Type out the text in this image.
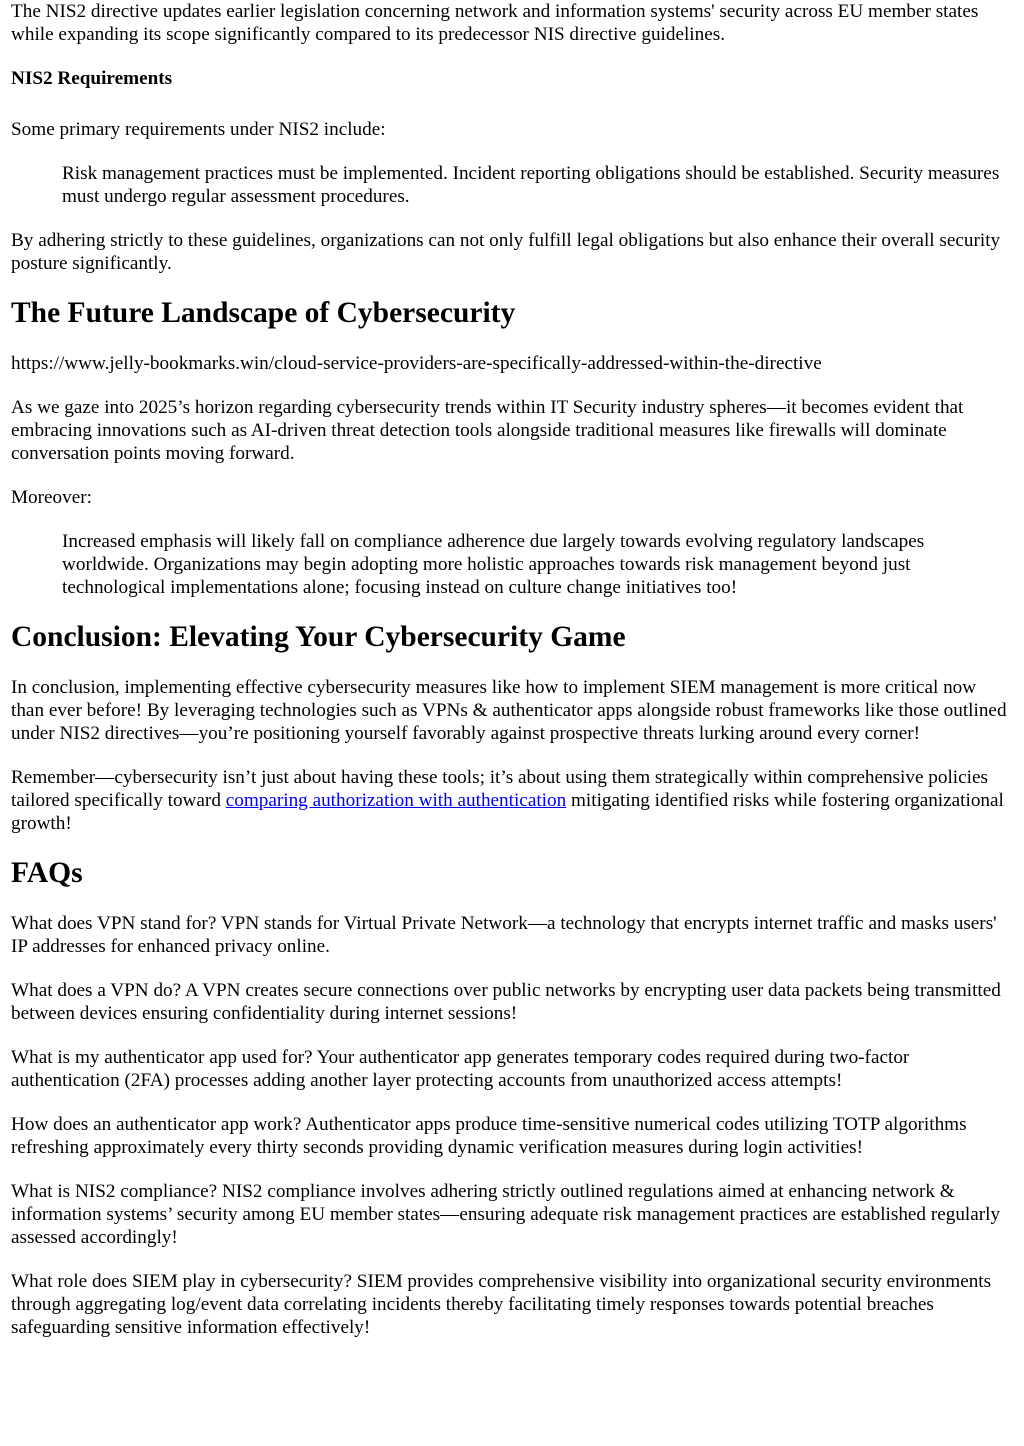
The NIS2 directive updates earlier legislation concerning network and information systems' security across EU member states while expanding its scope significantly compared to its predecessor NIS directive guidelines.

NIS2 Requirements

Some primary requirements under NIS2 include:

Risk management practices must be implemented. Incident reporting obligations should be established. Security measures must undergo regular assessment procedures.

By adhering strictly to these guidelines, organizations can not only fulfill legal obligations but also enhance their overall security posture significantly.

The Future Landscape of Cybersecurity

https://www.jelly-bookmarks.win/cloud-service-providers-are-specifically-addressed-within-the-directive

As we gaze into 2025’s horizon regarding cybersecurity trends within IT Security industry spheres—it becomes evident that embracing innovations such as AI-driven threat detection tools alongside traditional measures like firewalls will dominate conversation points moving forward.

Moreover:

Increased emphasis will likely fall on compliance adherence due largely towards evolving regulatory landscapes worldwide. Organizations may begin adopting more holistic approaches towards risk management beyond just technological implementations alone; focusing instead on culture change initiatives too!
Conclusion: Elevating Your Cybersecurity Game

In conclusion, implementing effective cybersecurity measures like how to implement SIEM management is more critical now than ever before! By leveraging technologies such as VPNs & authenticator apps alongside robust frameworks like those outlined under NIS2 directives—you’re positioning yourself favorably against prospective threats lurking around every corner!

Remember—cybersecurity isn’t just about having these tools; it’s about using them strategically within comprehensive policies tailored specifically toward comparing authorization with authentication mitigating identified risks while fostering organizational growth!

FAQs

What does VPN stand for? VPN stands for Virtual Private Network—a technology that encrypts internet traffic and masks users' IP addresses for enhanced privacy online.

What does a VPN do? A VPN creates secure connections over public networks by encrypting user data packets being transmitted between devices ensuring confidentiality during internet sessions!

What is my authenticator app used for? Your authenticator app generates temporary codes required during two-factor authentication (2FA) processes adding another layer protecting accounts from unauthorized access attempts!

How does an authenticator app work? Authenticator apps produce time-sensitive numerical codes utilizing TOTP algorithms refreshing approximately every thirty seconds providing dynamic verification measures during login activities!

What is NIS2 compliance? NIS2 compliance involves adhering strictly outlined regulations aimed at enhancing network & information systems’ security among EU member states—ensuring adequate risk management practices are established regularly assessed accordingly!

What role does SIEM play in cybersecurity? SIEM provides comprehensive visibility into organizational security environments through aggregating log/event data correlating incidents thereby facilitating timely responses towards potential breaches safeguarding sensitive information effectively!
